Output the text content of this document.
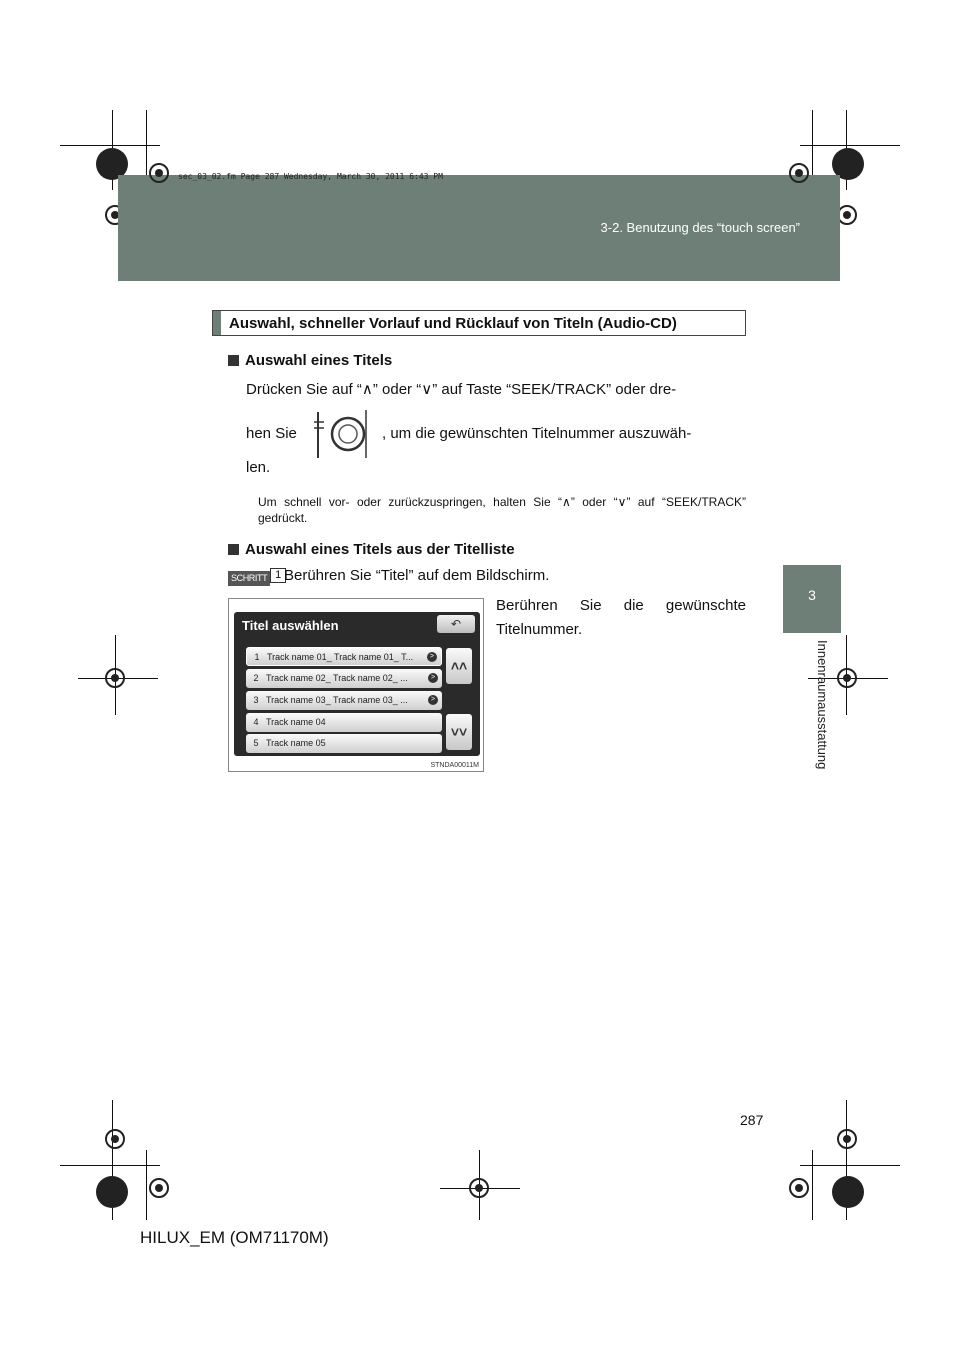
sec_03_02.fm Page 287 Wednesday, March 30, 2011 6:43 PM
3-2. Benutzung des “touch screen”
3
Innenraumausstattung
Auswahl, schneller Vorlauf und Rücklauf von Titeln (Audio-CD)
Auswahl eines Titels
Drücken Sie auf “∧” oder “∨” auf Taste “SEEK/TRACK” oder dre-
hen Sie	, um die gewünschten Titelnummer auszuwäh-
len.
Um schnell vor- oder zurückzuspringen, halten Sie “∧” oder “∨” auf “SEEK/TRACK” gedrückt.
Auswahl eines Titels aus der Titelliste
SCHRITT 1 Berühren Sie “Titel” auf dem Bildschirm.
Berühren Sie die gewünschte Titelnummer.
Titel auswählen	↶
1 Track name 01_ Track name 01_ T...	>
2 Track name 02_ Track name 02_ ...	>
3 Track name 03_ Track name 03_ ...	>
4 Track name 04
5 Track name 05
˄˄
˅˅
STNDA00011M
287
HILUX_EM (OM71170M)
